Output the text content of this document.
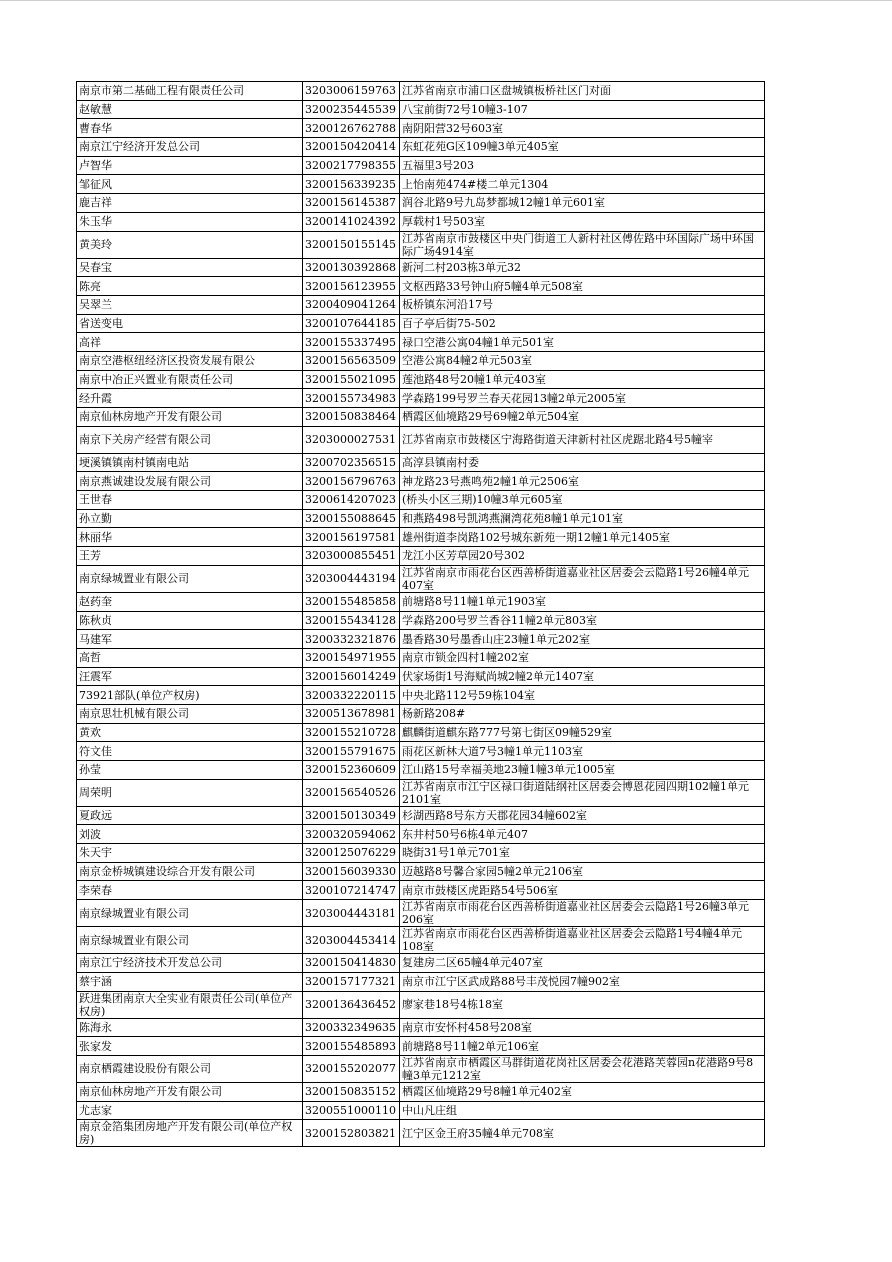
南京市第二基础工程有限责任公司	3203006159763	江苏省南京市浦口区盘城镇板桥社区门对面

赵敏慧	3200235445539	八宝前街72号10幢3-107

曹春华	3200126762788	南阴阳营32号603室

南京江宁经济开发总公司	3200150420414	东虹花苑G区109幢3单元405室

卢智华	3200217798355	五福里3号203

邹征风	3200156339235	上怡南苑474#楼二单元1304

鹿吉祥	3200156145387	润谷北路9号九岛梦都城12幢1单元601室

朱玉华	3200141024392	厚载村1号503室

黄美玲	3200150155145	江苏省南京市鼓楼区中央门街道工人新村社区傅佐路中环国际广场中环国际广场4914室

吴春宝	3200130392868	新河二村203栋3单元32

陈亮	3200156123955	文枢西路33号钟山府5幢4单元508室

吴翠兰	3200409041264	板桥镇东河沿17号

省送变电	3200107644185	百子亭后街75-502

高祥	3200155337495	禄口空港公寓04幢1单元501室

南京空港枢纽经济区投资发展有限公	3200156563509	空港公寓84幢2单元503室

南京中冶正兴置业有限责任公司	3200155021095	莲池路48号20幢1单元403室

经升霞	3200155734983	学森路199号罗兰春天花园13幢2单元2005室

南京仙林房地产开发有限公司	3200150838464	栖霞区仙境路29号69幢2单元504室

南京下关房产经营有限公司	3203000027531	江苏省南京市鼓楼区宁海路街道天津新村社区虎踞北路4号5幢宰

埂溪镇镇南村镇南电站	3200702356515	高淳县镇南村委

南京燕诚建设发展有限公司	3200156796763	神龙路23号燕鸣苑2幢1单元2506室

王世春	3200614207023	(桥头小区三期)10幢3单元605室

孙立勤	3200155088645	和燕路498号凯鸿燕澜湾花苑8幢1单元101室

林丽华	3200156197581	雄州街道李岗路102号城东新苑一期12幢1单元1405室

王芳	3203000855451	龙江小区芳草园20号302

南京绿城置业有限公司	3203004443194	江苏省南京市雨花台区西善桥街道嘉业社区居委会云隐路1号26幢4单元407室

赵药奎	3200155485858	前塘路8号11幢1单元1903室

陈秋贞	3200155434128	学森路200号罗兰香谷11幢2单元803室

马建军	3200332321876	墨香路30号墨香山庄23幢1单元202室

高哲	3200154971955	南京市锁金四村1幢202室

汪震军	3200156014249	伏家场街1号海赋尚城2幢2单元1407室

73921部队(单位产权房)	3200332220115	中央北路112号59栋104室

南京思壮机械有限公司	3200513678981	杨新路208#

黄欢	3200155210728	麒麟街道麒东路777号第七街区09幢529室

符文佳	3200155791675	雨花区新林大道7号3幢1单元1103室

孙莹	3200152360609	江山路15号幸福美地23幢1幢3单元1005室

周荣明	3200156540526	江苏省南京市江宁区禄口街道陆纲社区居委会博恩花园四期102幢1单元2101室

夏政远	3200150130349	杉湖西路8号东方天郡花园34幢602室

刘波	3200320594062	东井村50号6栋4单元407

朱天宇	3200125076229	晓街31号1单元701室

南京金桥城镇建设综合开发有限公司	3200156039330	迈越路8号馨合家园5幢2单元2106室

李荣春	3200107214747	南京市鼓楼区虎距路54号506室

南京绿城置业有限公司	3203004443181	江苏省南京市雨花台区西善桥街道嘉业社区居委会云隐路1号26幢3单元206室

南京绿城置业有限公司	3203004453414	江苏省南京市雨花台区西善桥街道嘉业社区居委会云隐路1号4幢4单元108室

南京江宁经济技术开发总公司	3200150414830	复建房二区65幢4单元407室

蔡宇涵	3200157177321	南京市江宁区武成路88号丰茂悦园7幢902室

跃进集团南京大全实业有限责任公司(单位产权房)	3200136436452	廖家巷18号4栋18室

陈海永	3200332349635	南京市安怀村458号208室

张家发	3200155485893	前塘路8号11幢2单元106室

南京栖霞建设股份有限公司	3200155202077	江苏省南京市栖霞区马群街道花岗社区居委会花港路芙蓉园n花港路9号8幢3单元1212室

南京仙林房地产开发有限公司	3200150835152	栖霞区仙境路29号8幢1单元402室

尤志家	3200551000110	中山凡庄组

南京金箔集团房地产开发有限公司(单位产权房)	3200152803821	江宁区金王府35幢4单元708室
